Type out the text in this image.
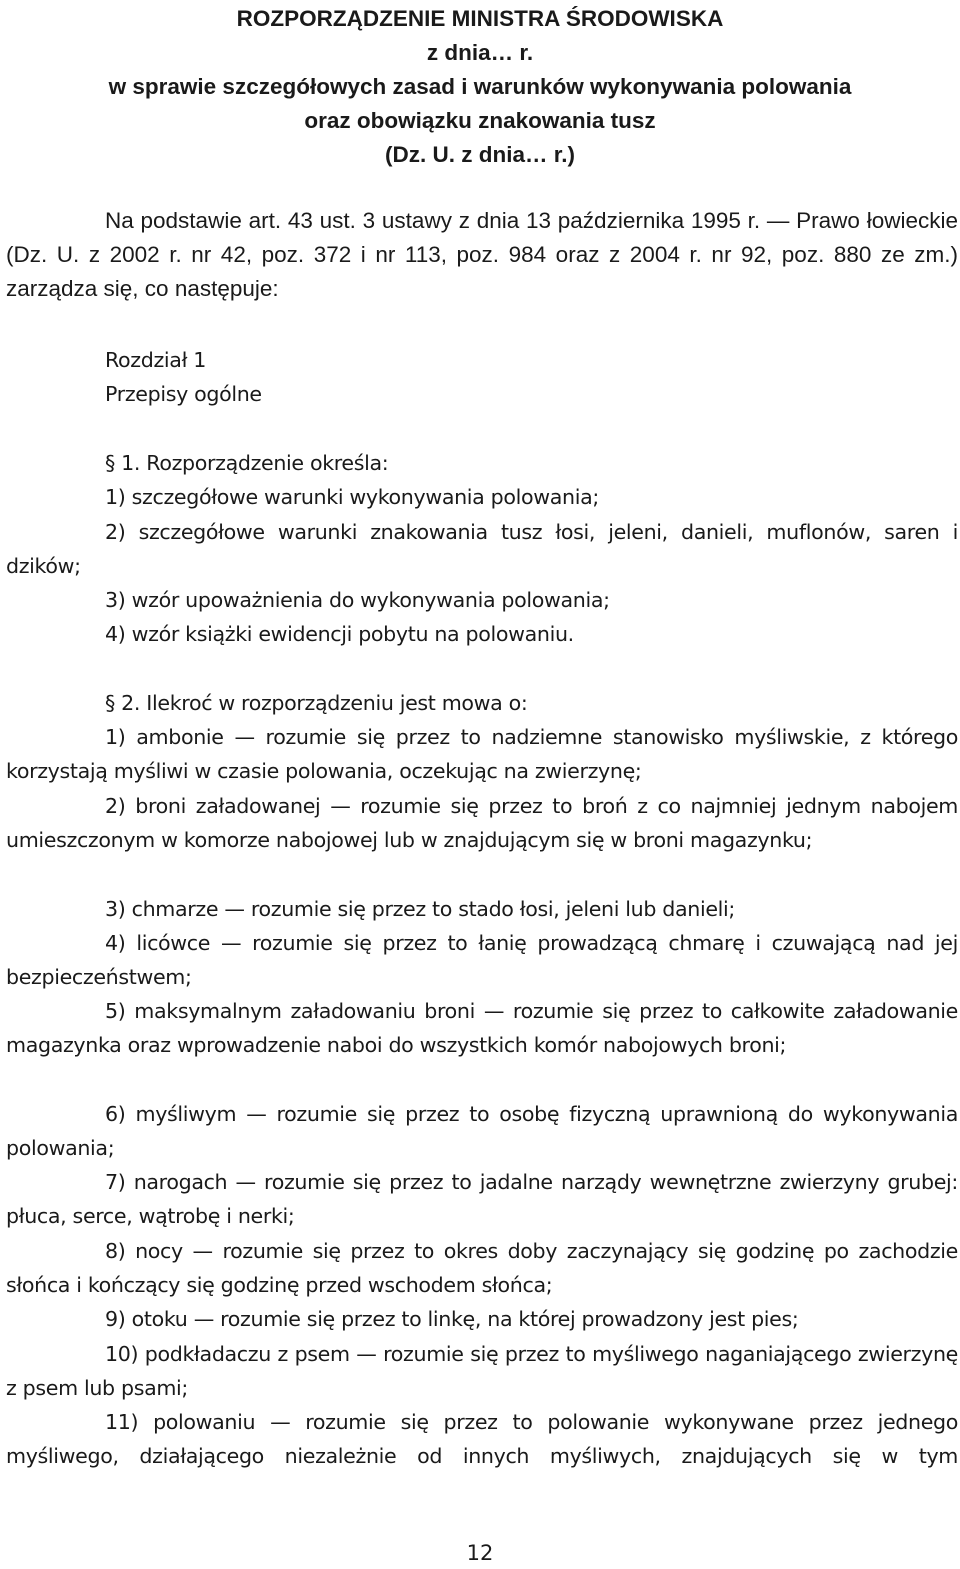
ROZPORZĄDZENIE MINISTRA ŚRODOWISKA
z dnia… r.
w sprawie szczegółowych zasad i warunków wykonywania polowania
oraz obowiązku znakowania tusz
(Dz. U. z dnia… r.)

Na podstawie art. 43 ust. 3 ustawy z dnia 13 października 1995 r. — Prawo łowieckie (Dz. U. z 2002 r. nr 42, poz. 372 i nr 113, poz. 984 oraz z 2004 r. nr 92, poz. 880 ze zm.) zarządza się, co następuje:

Rozdział 1

Przepisy ogólne

§ 1. Rozporządzenie określa:

1) szczegółowe warunki wykonywania polowania;

2) szczegółowe warunki znakowania tusz łosi, jeleni, danieli, muflonów, saren i dzików;

3) wzór upoważnienia do wykonywania polowania;

4) wzór książki ewidencji pobytu na polowaniu.

§ 2. Ilekroć w rozporządzeniu jest mowa o:

1) ambonie — rozumie się przez to nadziemne stanowisko myśliwskie, z którego korzystają myśliwi w czasie polowania, oczekując na zwierzynę;

2) broni załadowanej — rozumie się przez to broń z co najmniej jednym nabojem umieszczonym w komorze nabojowej lub w znajdującym się w broni magazynku;

3) chmarze — rozumie się przez to stado łosi, jeleni lub danieli;

4) licówce — rozumie się przez to łanię prowadzącą chmarę i czuwającą nad jej bezpieczeństwem;

5) maksymalnym załadowaniu broni — rozumie się przez to całkowite załadowanie magazynka oraz wprowadzenie naboi do wszystkich komór nabojowych broni;

6) myśliwym — rozumie się przez to osobę fizyczną uprawnioną do wykonywania polowania;

7) narogach — rozumie się przez to jadalne narządy wewnętrzne zwierzyny grubej: płuca, serce, wątrobę i nerki;

8) nocy — rozumie się przez to okres doby zaczynający się godzinę po zachodzie słońca i kończący się godzinę przed wschodem słońca;

9) otoku — rozumie się przez to linkę, na której prowadzony jest pies;

10) podkładaczu z psem — rozumie się przez to myśliwego naganiającego zwierzynę z psem lub psami;

11) polowaniu — rozumie się przez to polowanie wykonywane przez jednego myśliwego, działającego niezależnie od innych myśliwych, znajdujących się w tym

12
